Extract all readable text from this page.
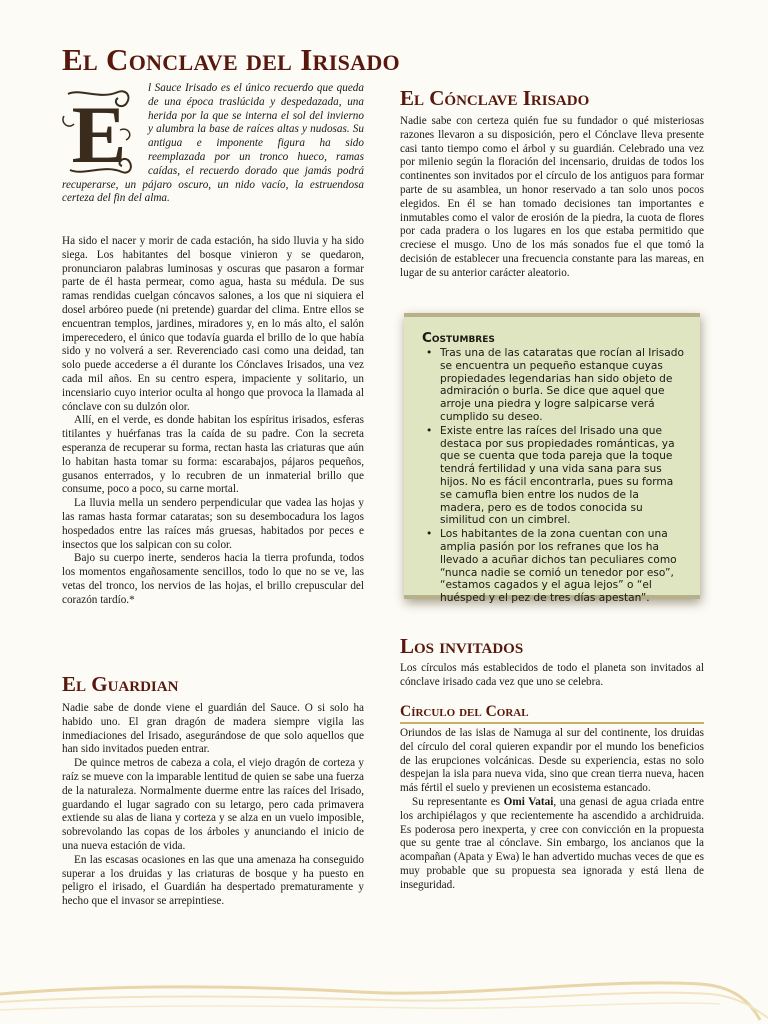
El Conclave del Irisado
E

l Sauce Irisado es el único recuerdo que queda de una época traslúcida y despedazada, una herida por la que se interna el sol del invierno y alumbra la base de raíces altas y nudosas. Su antigua e imponente figura ha sido reemplazada por un tronco hueco, ramas caídas, el recuerdo dorado que jamás podrá recuperarse, un pájaro oscuro, un nido vacío, la estruendosa certeza del fin del alma.

Ha sido el nacer y morir de cada estación, ha sido lluvia y ha sido siega. Los habitantes del bosque vinieron y se quedaron, pronunciaron palabras luminosas y oscuras que pasaron a formar parte de él hasta permear, como agua, hasta su médula. De sus ramas rendidas cuelgan cóncavos salones, a los que ni siquiera el dosel arbóreo puede (ni pretende) guardar del clima. Entre ellos se encuentran templos, jardines, miradores y, en lo más alto, el salón imperecedero, el único que todavía guarda el brillo de lo que había sido y no volverá a ser. Reverenciado casi como una deidad, tan solo puede accederse a él durante los Cónclaves Irisados, una vez cada mil años. En su centro espera, impaciente y solitario, un incensiario cuyo interior oculta al hongo que provoca la llamada al cónclave con su dulzón olor.

Allí, en el verde, es donde habitan los espíritus irisados, esferas titilantes y huérfanas tras la caída de su padre. Con la secreta esperanza de recuperar su forma, rectan hasta las criaturas que aún lo habitan hasta tomar su forma: escarabajos, pájaros pequeños, gusanos enterrados, y lo recubren de un inmaterial brillo que consume, poco a poco, su carne mortal.

La lluvia mella un sendero perpendicular que vadea las hojas y las ramas hasta formar cataratas; son su desembocadura los lagos hospedados entre las raíces más gruesas, habitados por peces e insectos que los salpican con su color.

Bajo su cuerpo inerte, senderos hacia la tierra profunda, todos los momentos engañosamente sencillos, todo lo que no se ve, las vetas del tronco, los nervios de las hojas, el brillo crepuscular del corazón tardío.*

El Guardian

Nadie sabe de donde viene el guardián del Sauce. O si solo ha habido uno. El gran dragón de madera siempre vigila las inmediaciones del Irisado, asegurándose de que solo aquellos que han sido invitados pueden entrar.

De quince metros de cabeza a cola, el viejo dragón de corteza y raíz se mueve con la imparable lentitud de quien se sabe una fuerza de la naturaleza. Normalmente duerme entre las raíces del Irisado, guardando el lugar sagrado con su letargo, pero cada primavera extiende su alas de liana y corteza y se alza en un vuelo imposible, sobrevolando las copas de los árboles y anunciando el inicio de una nueva estación de vida.

En las escasas ocasiones en las que una amenaza ha conseguido superar a los druidas y las criaturas de bosque y ha puesto en peligro el irisado, el Guardián ha despertado prematuramente y hecho que el invasor se arrepintiese.

El Cónclave Irisado

Nadie sabe con certeza quién fue su fundador o qué misteriosas razones llevaron a su disposición, pero el Cónclave lleva presente casi tanto tiempo como el árbol y su guardián. Celebrado una vez por milenio según la floración del incensario, druidas de todos los continentes son invitados por el círculo de los antiguos para formar parte de su asamblea, un honor reservado a tan solo unos pocos elegidos. En él se han tomado decisiones tan importantes e inmutables como el valor de erosión de la piedra, la cuota de flores por cada pradera o los lugares en los que estaba permitido que creciese el musgo. Uno de los más sonados fue el que tomó la decisión de establecer una frecuencia constante para las mareas, en lugar de su anterior carácter aleatorio.

Los invitados

Los círculos más establecidos de todo el planeta son invitados al cónclave irisado cada vez que uno se celebra.

Círculo del Coral

Oriundos de las islas de Namuga al sur del continente, los druidas del círculo del coral quieren expandir por el mundo los beneficios de las erupciones volcánicas. Desde su experiencia, estas no solo despejan la isla para nueva vida, sino que crean tierra nueva, hacen más fértil el suelo y previenen un ecosistema estancado.

Su representante es Omi Vatai, una genasi de agua criada entre los archipiélagos y que recientemente ha ascendido a archidruida. Es poderosa pero inexperta, y cree con convicción en la propuesta que su gente trae al cónclave. Sin embargo, los ancianos que la acompañan (Apata y Ewa) le han advertido muchas veces de que es muy probable que su propuesta sea ignorada y está llena de inseguridad.

Costumbres
• Tras una de las cataratas que rocían al Irisado se encuentra un pequeño estanque cuyas propiedades legendarias han sido objeto de admiración o burla. Se dice que aquel que arroje una piedra y logre salpicarse verá cumplido su deseo.
• Existe entre las raíces del Irisado una que destaca por sus propiedades románticas, ya que se cuenta que toda pareja que la toque tendrá fertilidad y una vida sana para sus hijos. No es fácil encontrarla, pues su forma se camufla bien entre los nudos de la madera, pero es de todos conocida su similitud con un cimbrel.
• Los habitantes de la zona cuentan con una amplia pasión por los refranes que los ha llevado a acuñar dichos tan peculiares como “nunca nadie se comió un tenedor por eso”, “estamos cagados y el agua lejos” o “el huésped y el pez de tres días apestan”.
